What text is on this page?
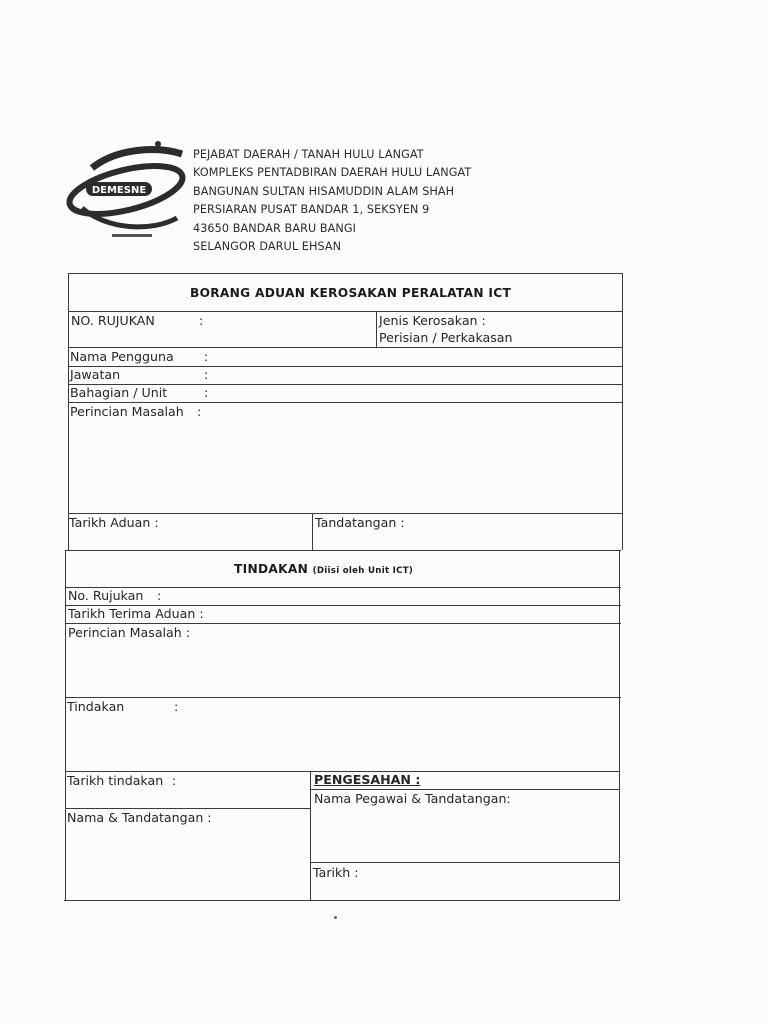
DEMESNE
PEJABAT DAERAH / TANAH HULU LANGAT
KOMPLEKS PENTADBIRAN DAERAH HULU LANGAT
BANGUNAN SULTAN HISAMUDDIN ALAM SHAH
PERSIARAN PUSAT BANDAR 1, SEKSYEN 9
43650 BANDAR BARU BANGI
SELANGOR DARUL EHSAN
BORANG ADUAN KEROSAKAN PERALATAN ICT
NO. RUJUKAN	:	Jenis Kerosakan :
Perisian / Perkakasan
Nama Pengguna :
Jawatan	:
Bahagian / Unit	:
Perincian Masalah :
Tarikh Aduan :	Tandatangan :
TINDAKAN (Diisi oleh Unit ICT)
No. Rujukan :
Tarikh Terima Aduan :
Perincian Masalah :
Tindakan	:
Tarikh tindakan :	PENGESAHAN :
Nama Pegawai & Tandatangan:
Nama & Tandatangan :
Tarikh :
